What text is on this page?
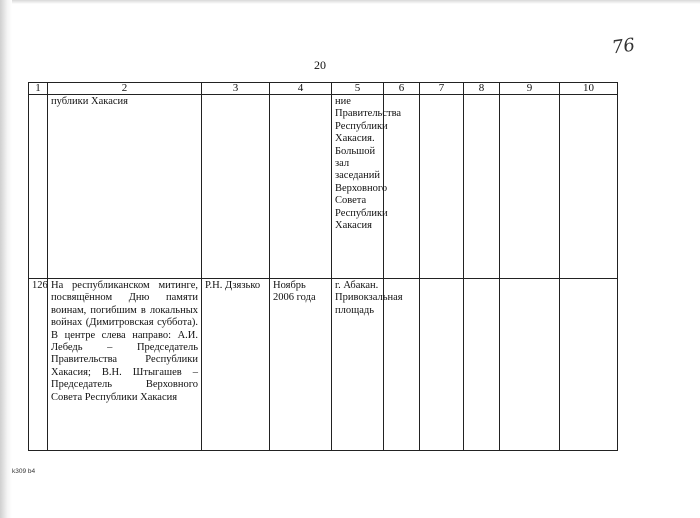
76
20
1	2	3	4	5	6	7	8	9	10
	публики Хакасия			ние Правительства Республики Хакасия. Большой зал заседаний Верховного Совета Республики Хакасия					
126	На республиканском митинге, посвящённом Дню памяти воинам, погибшим в локальных войнах (Димитровская суббота). В центре слева направо: А.И. Лебедь – Председатель Правительства Республики Хакасия; В.Н. Штыгашев – Председатель Верховного Совета Республики Хакасия	Р.Н. Дзязько	Ноябрь 2006 года	г. Абакан. Привокзальная площадь					
k309 b4
